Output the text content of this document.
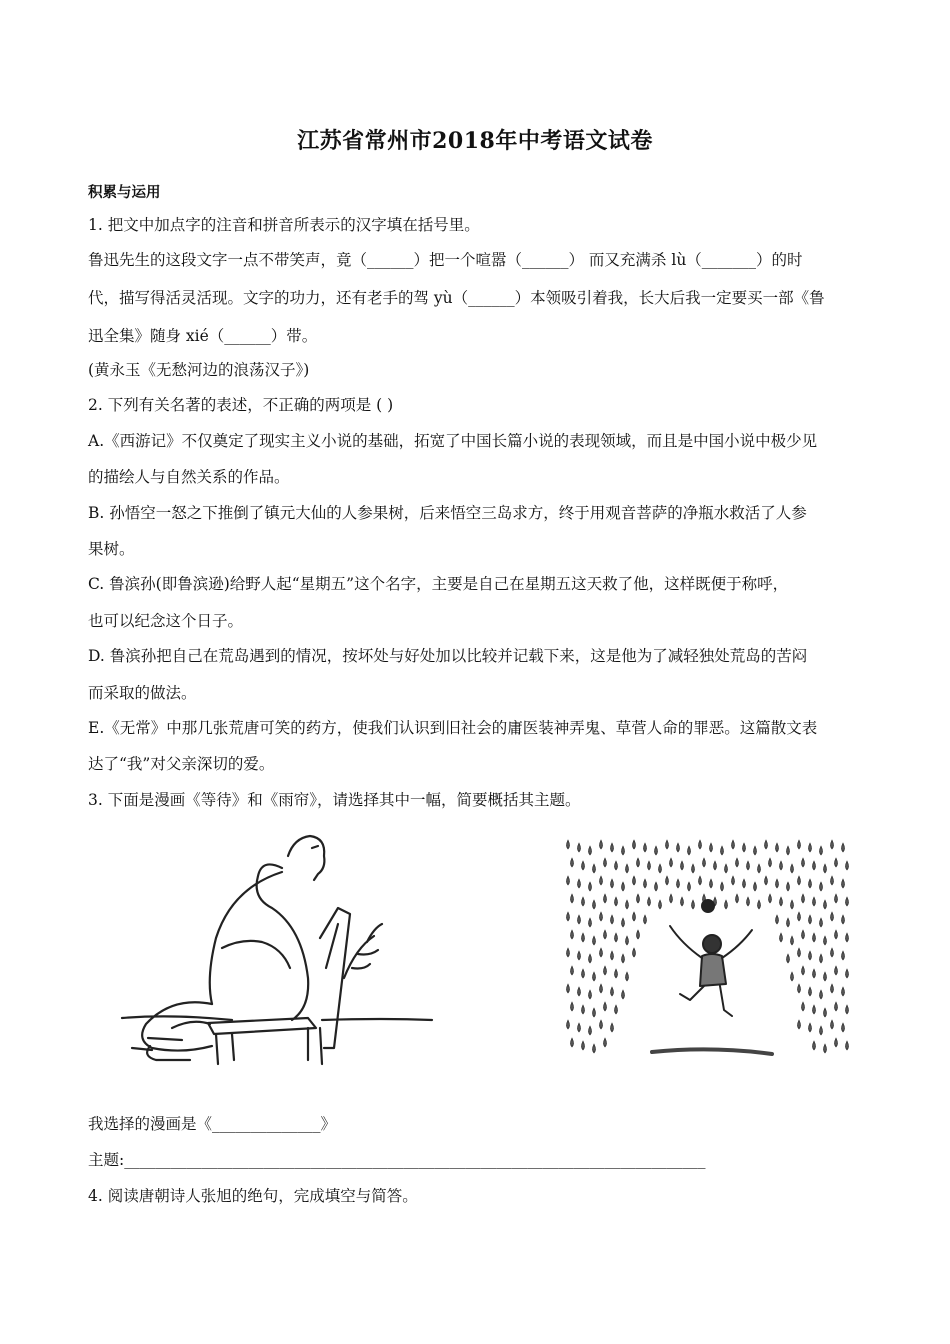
江苏省常州市2018年中考语文试卷
积累与运用
1. 把文中加点字的注音和拼音所表示的汉字填在括号里。
鲁迅先生的这段文字一点不带笑声，竟（______）把一个喧嚣（______） 而又充满杀 lù（_______）的时
代，描写得活灵活现。文字的功力，还有老手的驾 yù（______）本领吸引着我，长大后我一定要买一部《鲁
迅全集》随身 xié（______）带。
(黄永玉《无愁河边的浪荡汉子》)
2. 下列有关名著的表述，不正确的两项是 ( )
A.《西游记》不仅奠定了现实主义小说的基础，拓宽了中国长篇小说的表现领域，而且是中国小说中极少见
的描绘人与自然关系的作品。
B. 孙悟空一怒之下推倒了镇元大仙的人参果树，后来悟空三岛求方，终于用观音菩萨的净瓶水救活了人参
果树。
C. 鲁滨孙(即鲁滨逊)给野人起“星期五”这个名字，主要是自己在星期五这天救了他，这样既便于称呼，
也可以纪念这个日子。
D. 鲁滨孙把自己在荒岛遇到的情况，按坏处与好处加以比较并记载下来，这是他为了减轻独处荒岛的苦闷
而采取的做法。
E.《无常》中那几张荒唐可笑的药方，使我们认识到旧社会的庸医装神弄鬼、草菅人命的罪恶。这篇散文表
达了“我”对父亲深切的爱。
3. 下面是漫画《等待》和《雨帘》，请选择其中一幅，简要概括其主题。
我选择的漫画是《______________》
主题:___________________________________________________________________________
4. 阅读唐朝诗人张旭的绝句，完成填空与简答。
